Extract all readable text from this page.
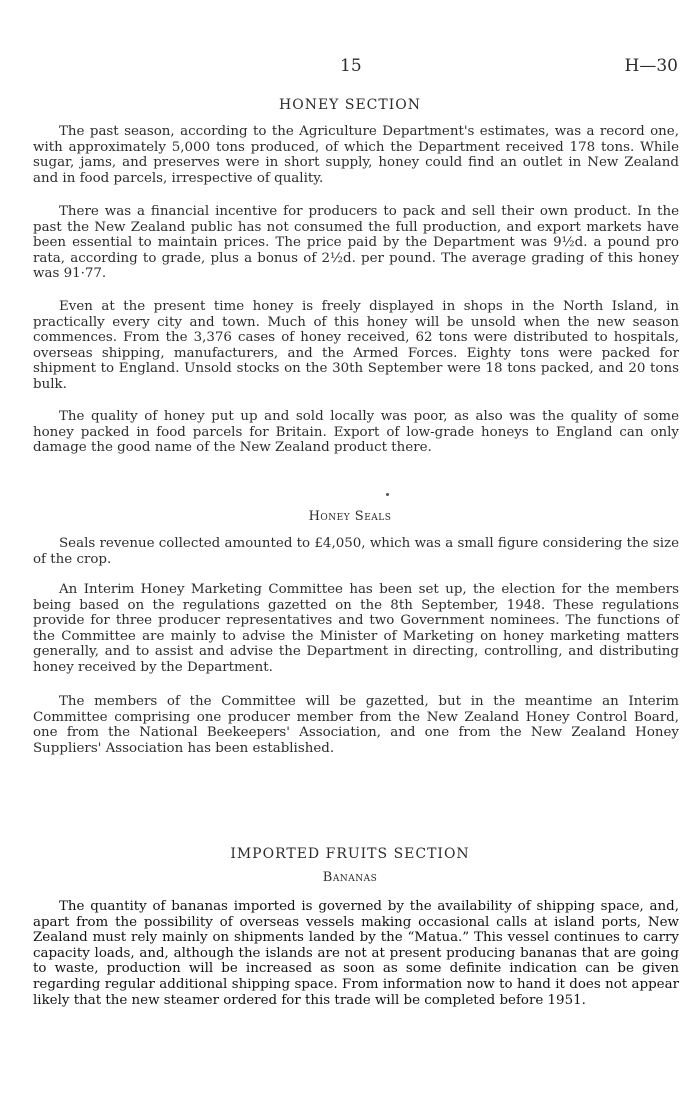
15	H—30
HONEY SECTION

The past season, according to the Agriculture Department's estimates, was a record one, with approximately 5,000 tons produced, of which the Department received 178 tons. While sugar, jams, and preserves were in short supply, honey could find an outlet in New Zealand and in food parcels, irrespective of quality.

There was a financial incentive for producers to pack and sell their own product. In the past the New Zealand public has not consumed the full production, and export markets have been essential to maintain prices. The price paid by the Department was 9½d. a pound pro rata, according to grade, plus a bonus of 2½d. per pound. The average grading of this honey was 91·77.

Even at the present time honey is freely displayed in shops in the North Island, in practically every city and town. Much of this honey will be unsold when the new season commences. From the 3,376 cases of honey received, 62 tons were distributed to hospitals, overseas shipping, manufacturers, and the Armed Forces. Eighty tons were packed for shipment to England. Unsold stocks on the 30th September were 18 tons packed, and 20 tons bulk.

The quality of honey put up and sold locally was poor, as also was the quality of some honey packed in food parcels for Britain. Export of low-grade honeys to England can only damage the good name of the New Zealand product there.

Honey Seals

Seals revenue collected amounted to £4,050, which was a small figure considering the size of the crop.

An Interim Honey Marketing Committee has been set up, the election for the members being based on the regulations gazetted on the 8th September, 1948. These regulations provide for three producer representatives and two Government nominees. The functions of the Committee are mainly to advise the Minister of Marketing on honey marketing matters generally, and to assist and advise the Department in directing, controlling, and distributing honey received by the Department.

The members of the Committee will be gazetted, but in the meantime an Interim Committee comprising one producer member from the New Zealand Honey Control Board, one from the National Beekeepers' Association, and one from the New Zealand Honey Suppliers' Association has been established.

IMPORTED FRUITS SECTION
Bananas

The quantity of bananas imported is governed by the availability of shipping space, and, apart from the possibility of overseas vessels making occasional calls at island ports, New Zealand must rely mainly on shipments landed by the “Matua.” This vessel continues to carry capacity loads, and, although the islands are not at present producing bananas that are going to waste, production will be increased as soon as some definite indication can be given regarding regular additional shipping space. From information now to hand it does not appear likely that the new steamer ordered for this trade will be completed before 1951.
